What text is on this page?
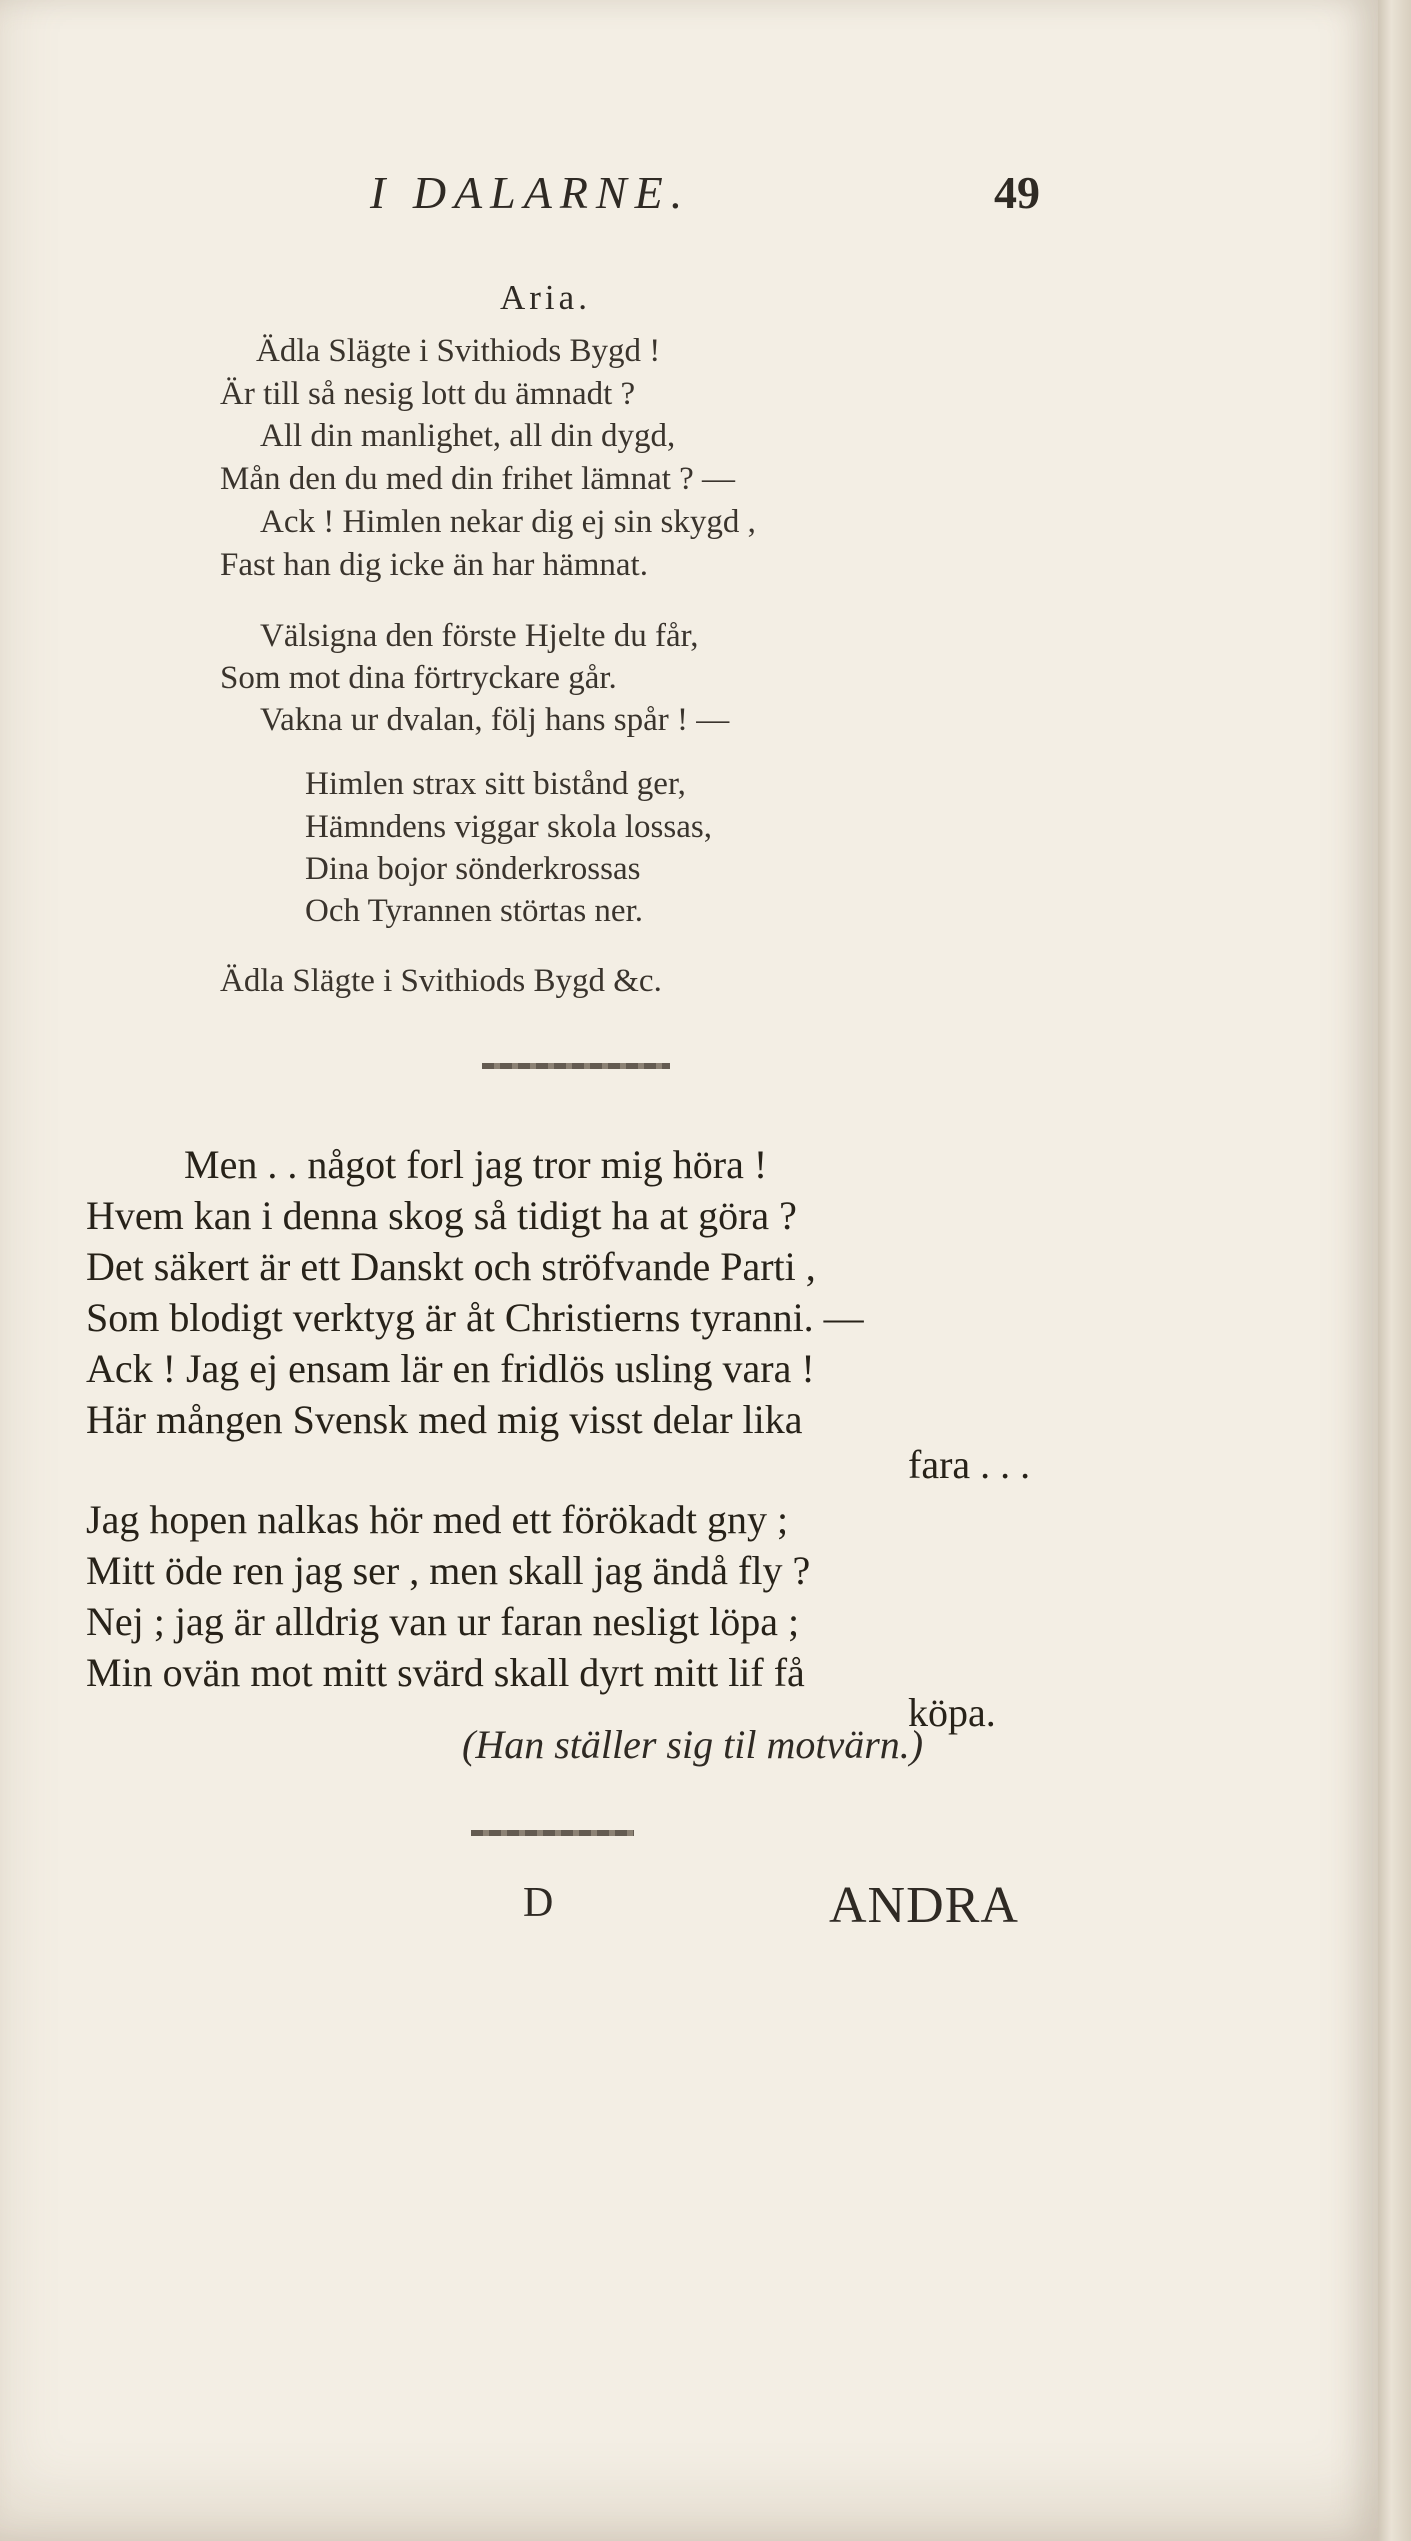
I DALARNE.	49
Aria.
Ädla Slägte i Svithiods Bygd !
Är till så nesig lott du ämnadt ?
All din manlighet, all din dygd,
Mån den du med din frihet lämnat ? —
Ack ! Himlen nekar dig ej sin skygd ,
Fast han dig icke än har hämnat.
Välsigna den förste Hjelte du får,
Som mot dina förtryckare går.
Vakna ur dvalan, följ hans spår ! —
Himlen strax sitt bistånd ger,
Hämndens viggar skola lossas,
Dina bojor sönderkrossas
Och Tyrannen störtas ner.
Ädla Slägte i Svithiods Bygd &c.
Men . . något forl jag tror mig höra !
Hvem kan i denna skog så tidigt ha at göra ?
Det säkert är ett Danskt och ströfvande Parti ,
Som blodigt verktyg är åt Christierns tyranni. —
Ack ! Jag ej ensam lär en fridlös usling vara !
Här mången Svensk med mig visst delar lika
fara . . .
Jag hopen nalkas hör med ett förökadt gny ;
Mitt öde ren jag ser , men skall jag ändå fly ?
Nej ; jag är alldrig van ur faran nesligt löpa ;
Min ovän mot mitt svärd skall dyrt mitt lif få
köpa.
(Han ställer sig til motvärn.)
D	ANDRA
